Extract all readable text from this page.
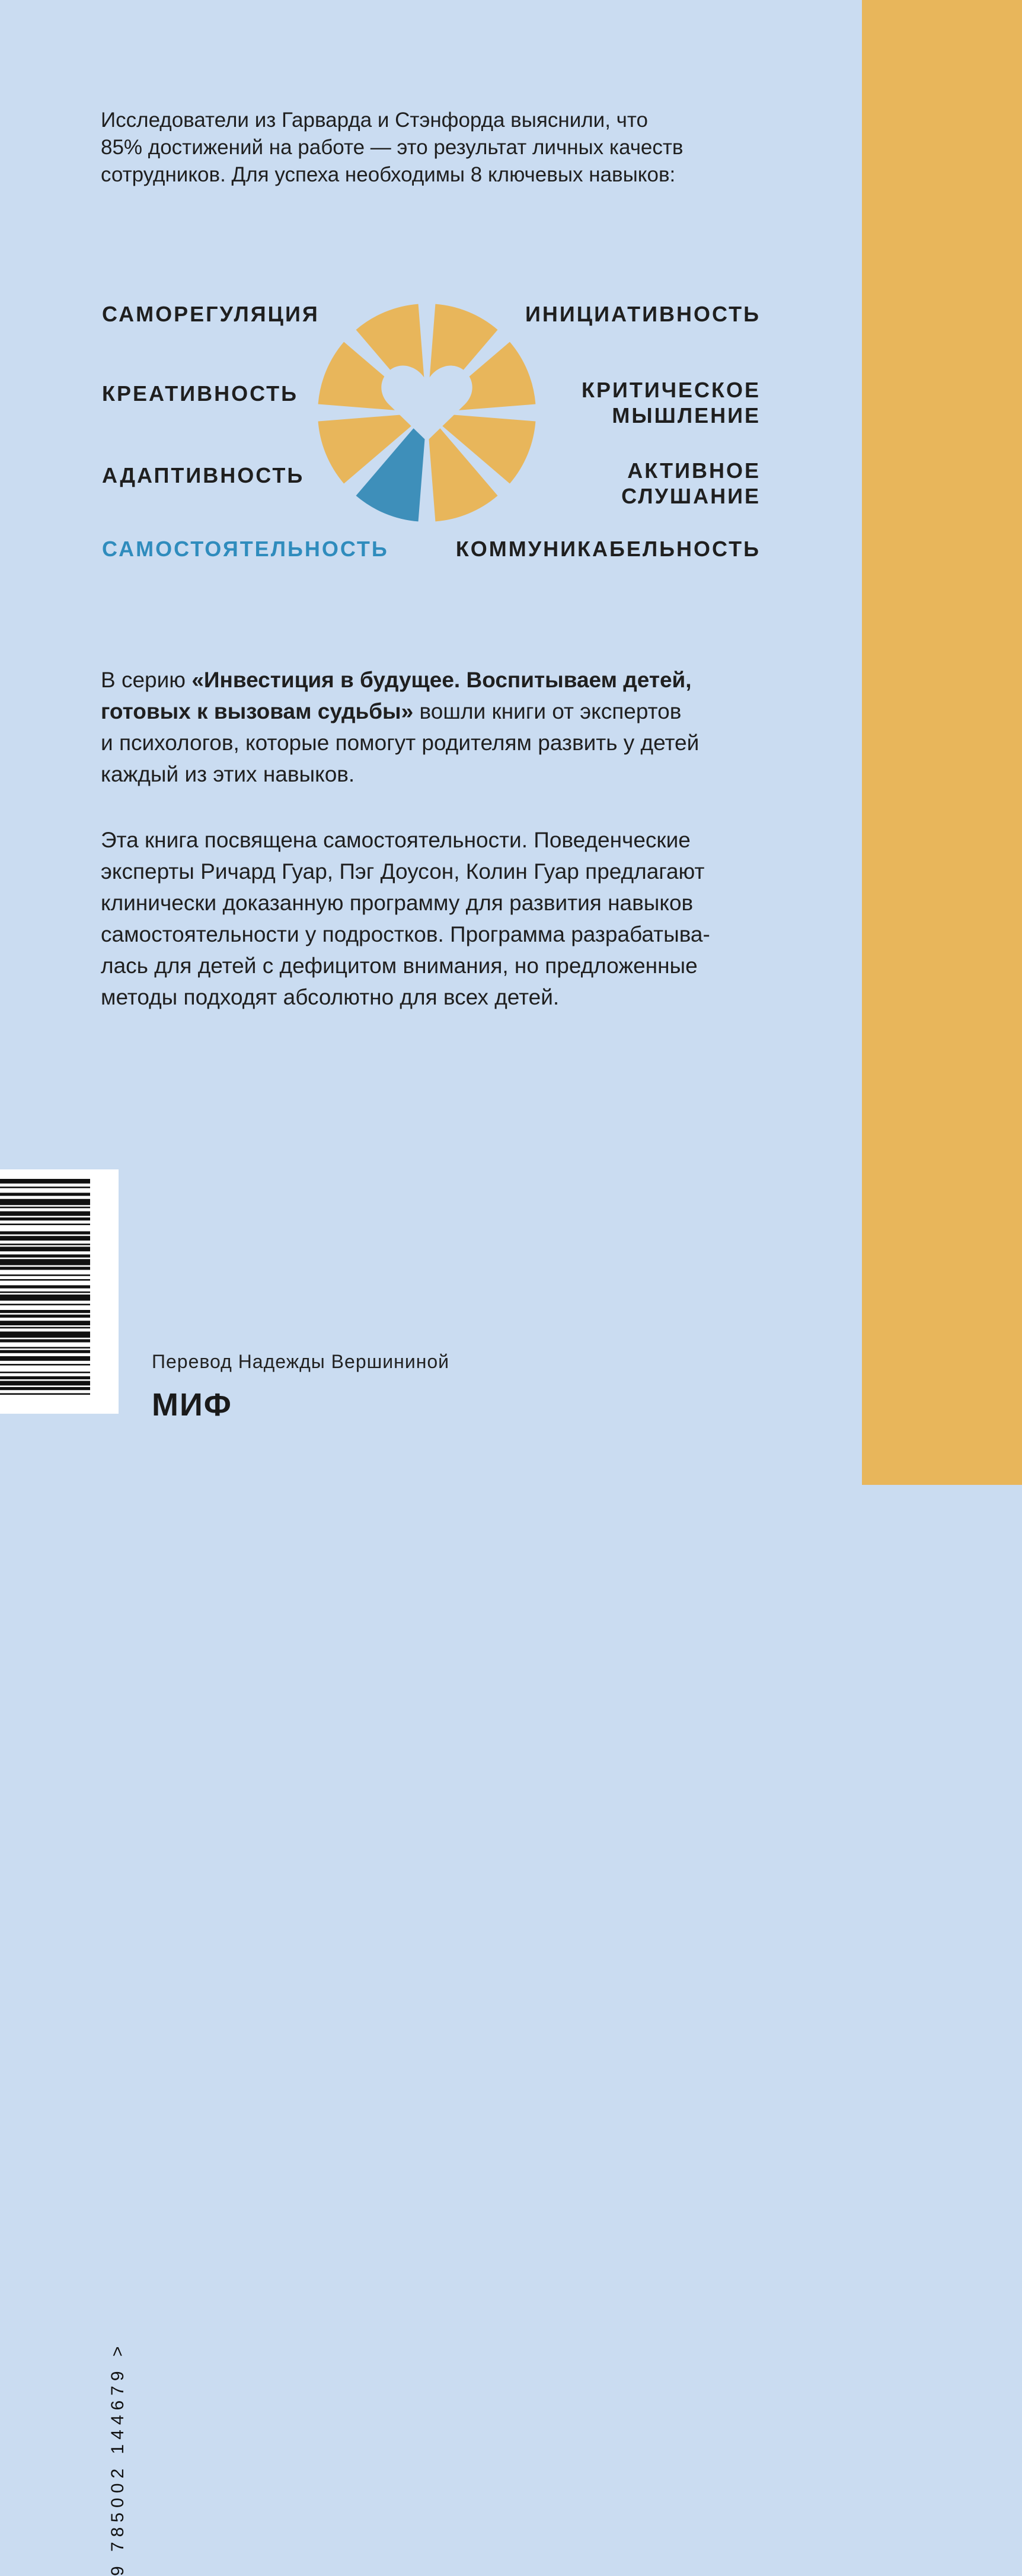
Исследователи из Гарварда и Стэнфорда выяснили, что
85% достижений на работе — это результат личных качеств
сотрудников. Для успеха необходимы 8 ключевых навыков:
САМОРЕГУЛЯЦИЯ
КРЕАТИВНОСТЬ
АДАПТИВНОСТЬ
САМОСТОЯТЕЛЬНОСТЬ
ИНИЦИАТИВНОСТЬ
КРИТИЧЕСКОЕ
МЫШЛЕНИЕ
АКТИВНОЕ
СЛУШАНИЕ
КОММУНИКАБЕЛЬНОСТЬ
В серию «Инвестиция в будущее. Воспитываем детей,
готовых к вызовам судьбы» вошли книги от экспертов
и психологов, которые помогут родителям развить у детей
каждый из этих навыков.
Эта книга посвящена самостоятельности. Поведенческие
эксперты Ричард Гуар, Пэг Доусон, Колин Гуар предлагают
клинически доказанную программу для развития навыков
самостоятельности у подростков. Программа разрабатыва-
лась для детей с дефицитом внимания, но предложенные
методы подходят абсолютно для всех детей.
9 785002 144679 >
Перевод Надежды Вершининой
МИФ
